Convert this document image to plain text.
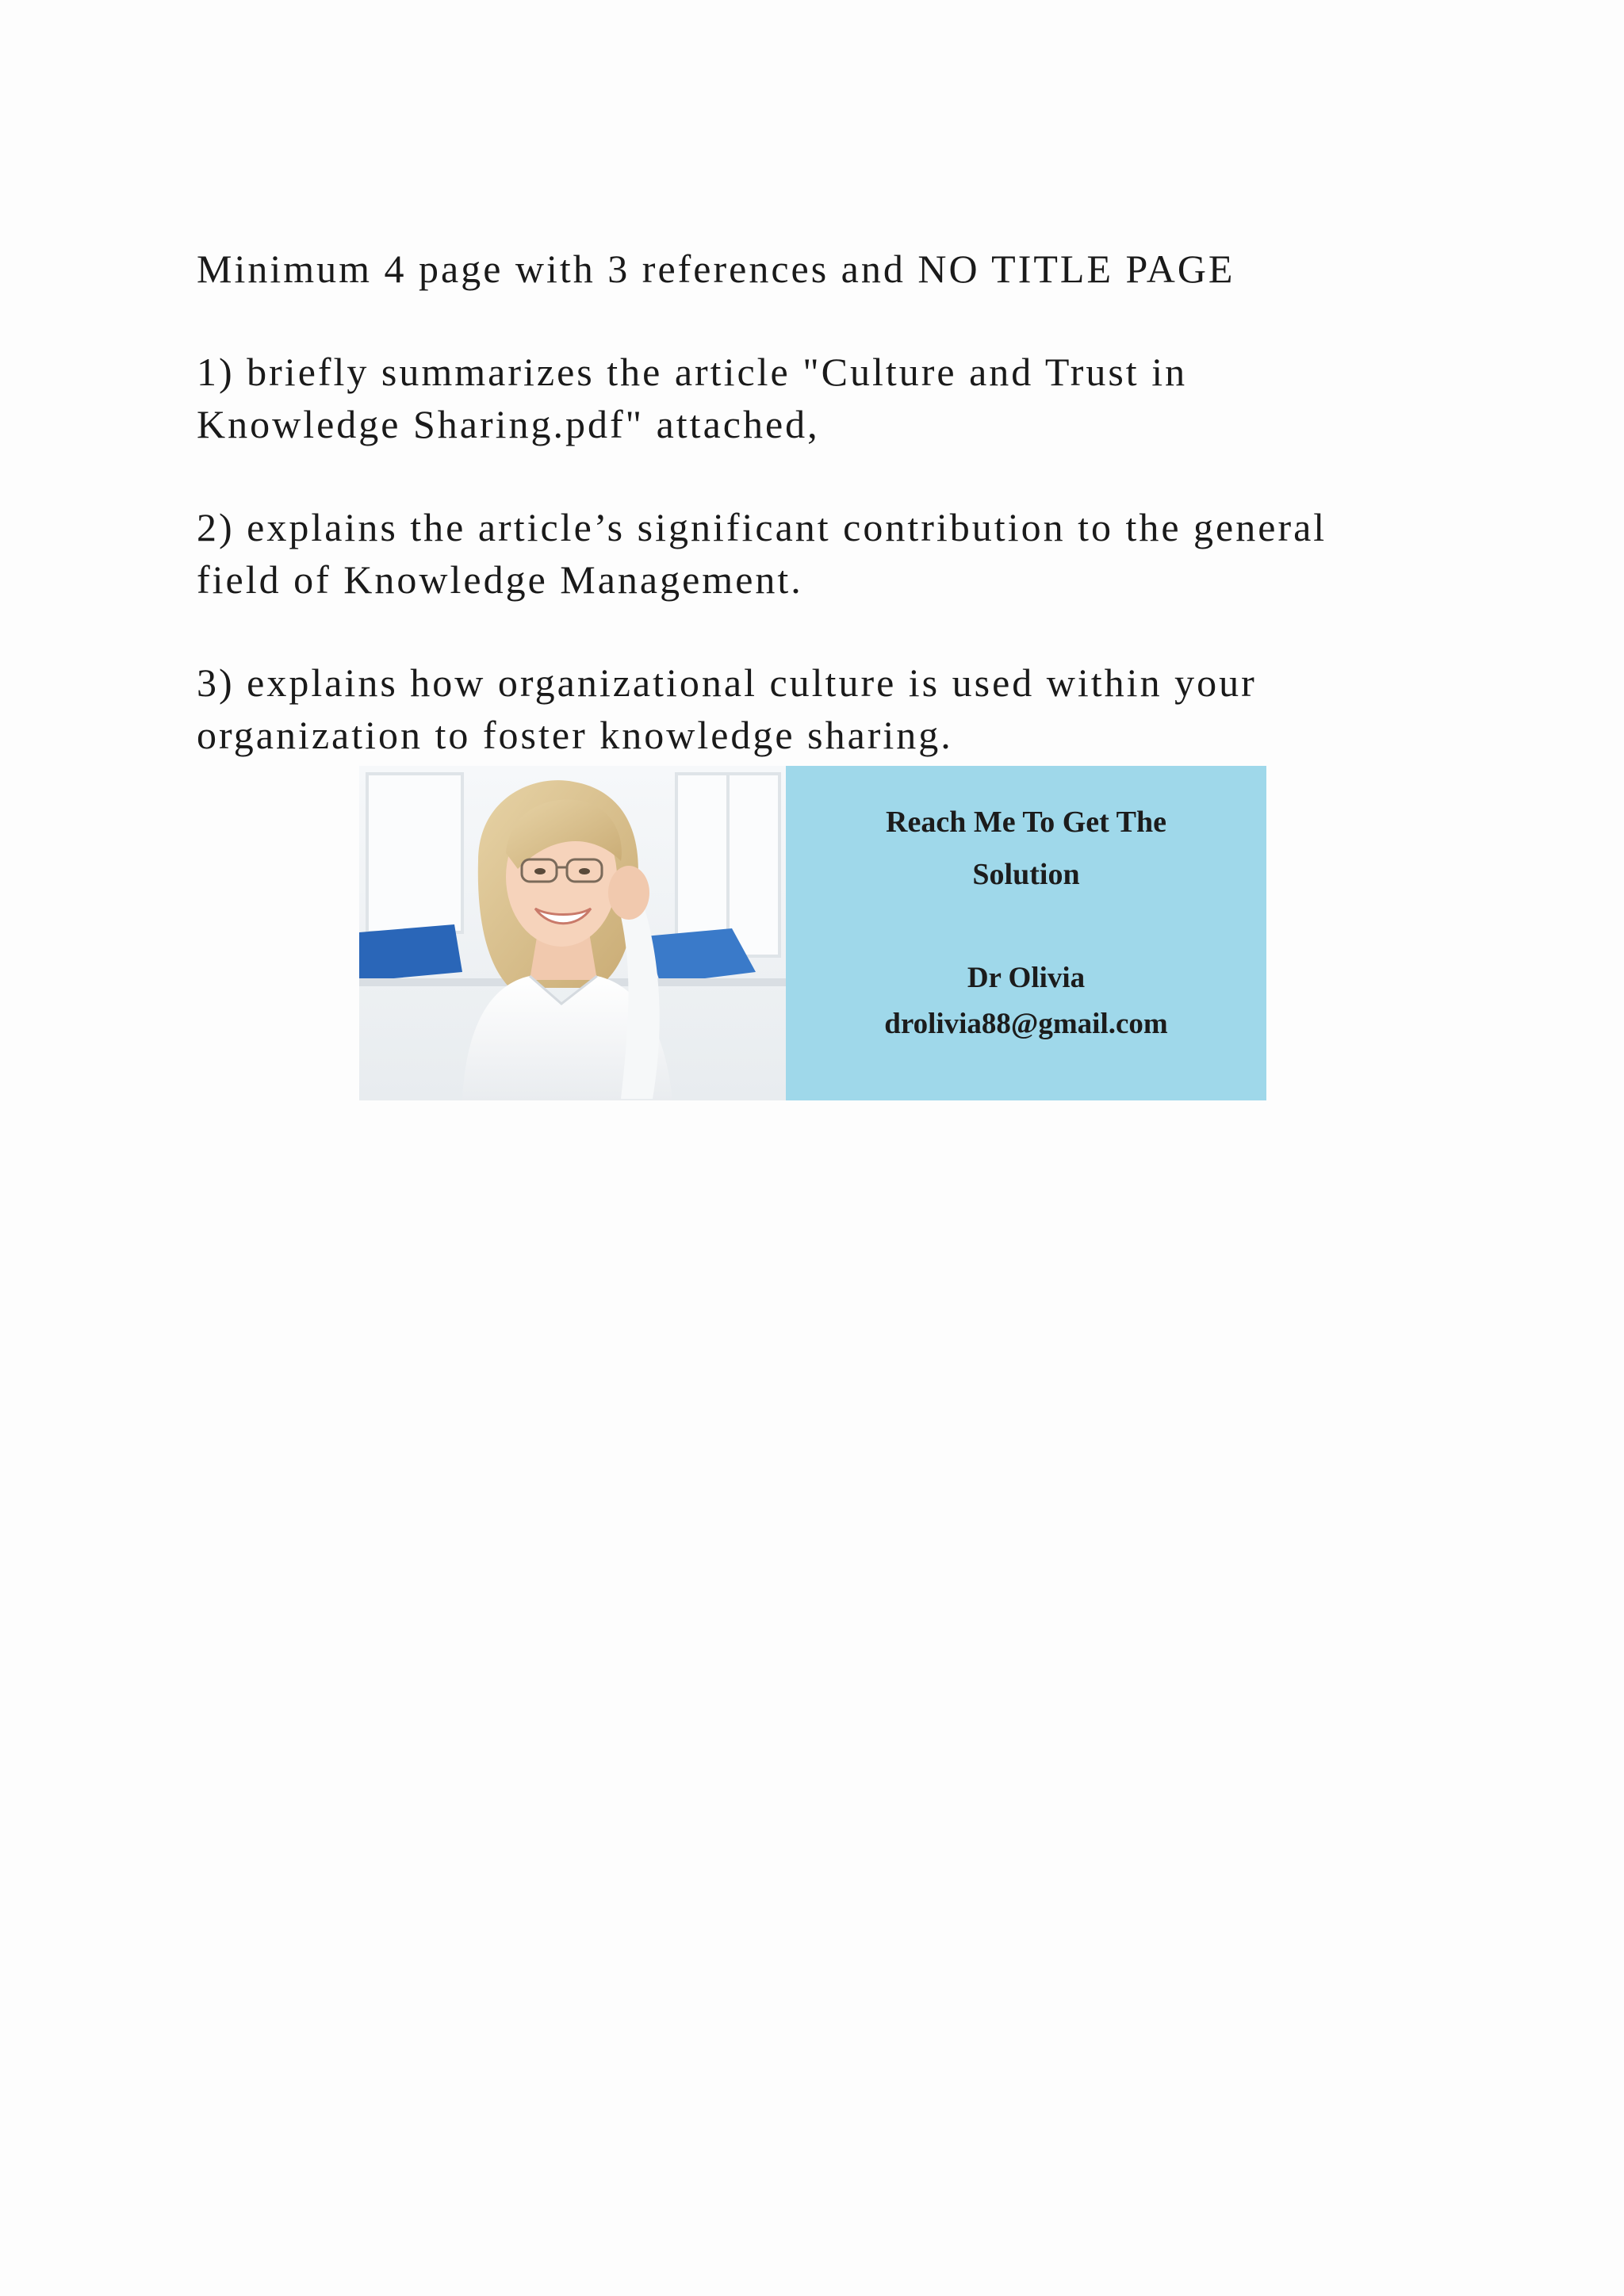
Minimum 4 page with 3 references and NO TITLE PAGE

1) briefly summarizes the article "Culture and Trust in
Knowledge Sharing.pdf" attached,

2) explains the article’s significant contribution to the general
field of Knowledge Management.

3) explains how organizational culture is used within your
organization to foster knowledge sharing.

Reach Me To Get The
Solution
Dr Olivia
drolivia88@gmail.com
